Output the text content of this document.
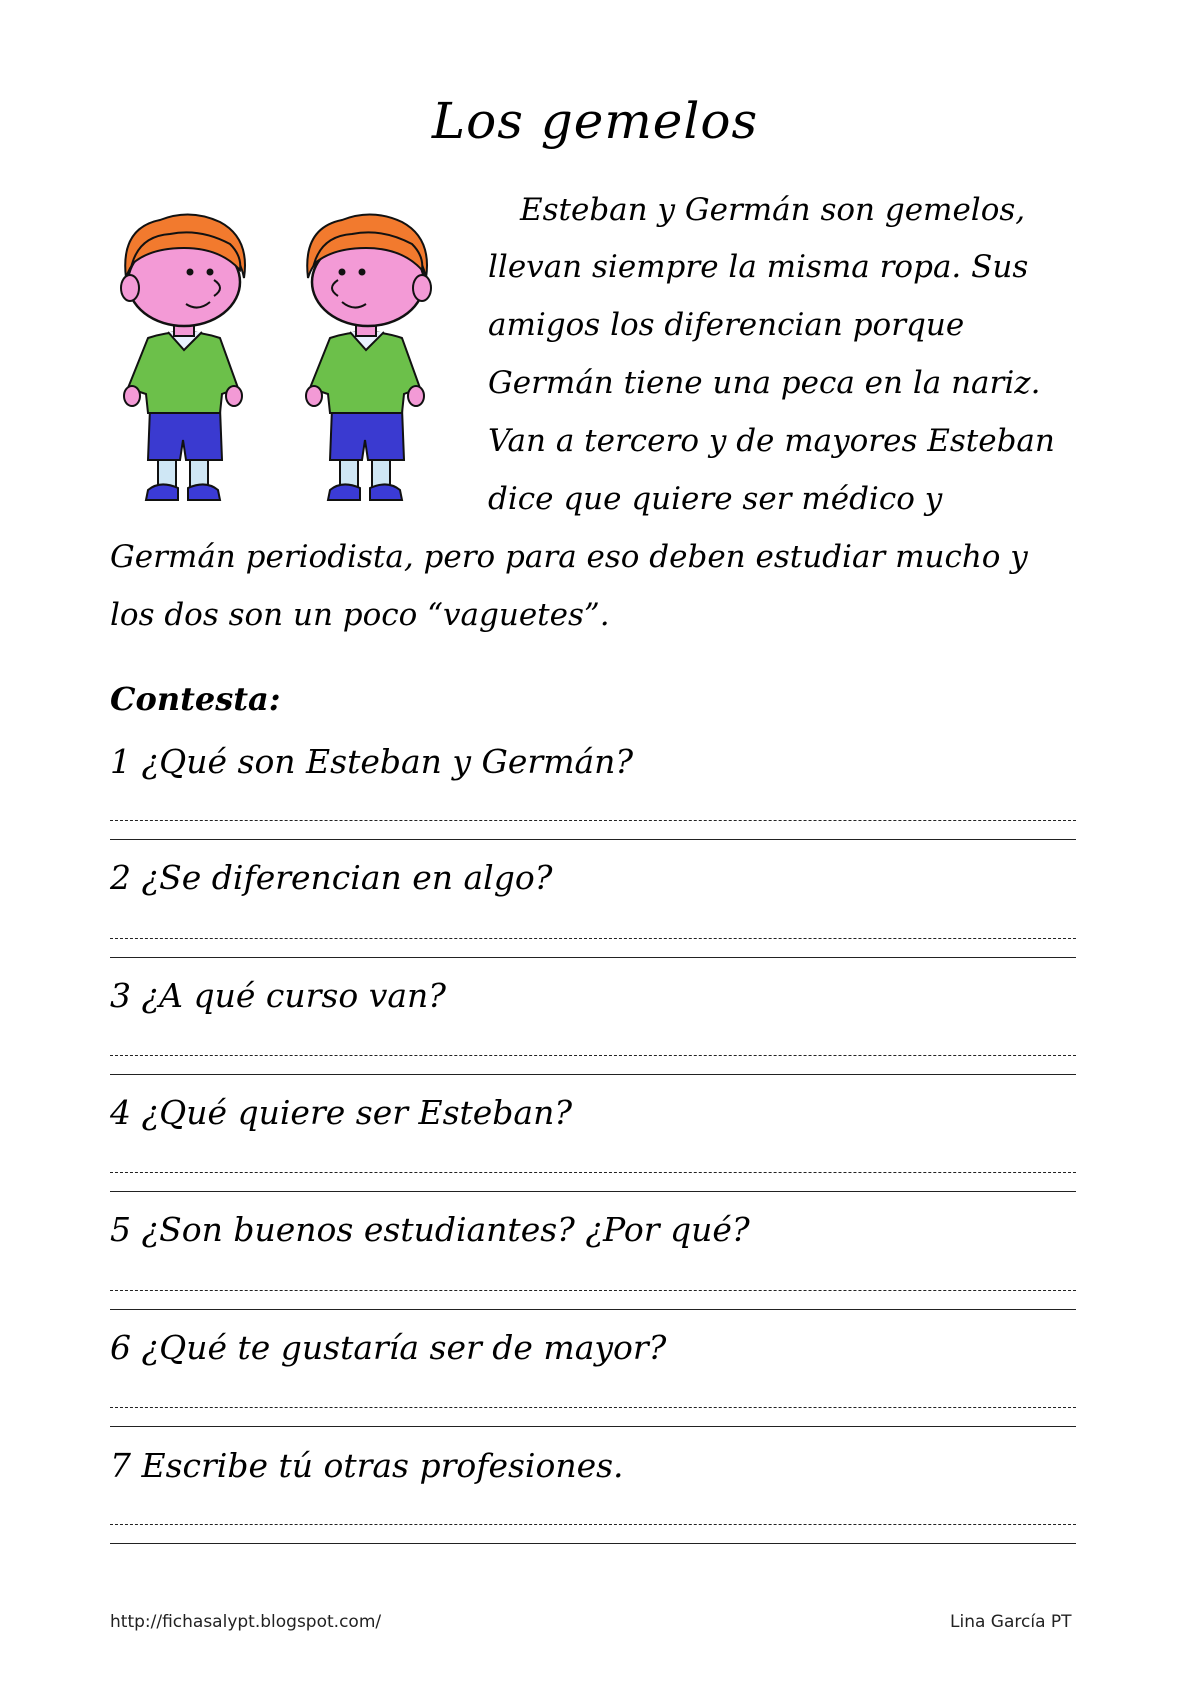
Los gemelos
Esteban y Germán son gemelos,
llevan siempre la misma ropa. Sus
amigos los diferencian porque
Germán tiene una peca en la nariz.
Van a tercero y de mayores Esteban
dice que quiere ser médico y
Germán periodista, pero para eso deben estudiar mucho y
los dos son un poco “vaguetes”.
Contesta:
1 ¿Qué son Esteban y Germán?
2 ¿Se diferencian en algo?
3 ¿A qué curso van?
4 ¿Qué quiere ser Esteban?
5 ¿Son buenos estudiantes? ¿Por qué?
6 ¿Qué te gustaría ser de mayor?
7 Escribe tú otras profesiones.
http://fichasalypt.blogspot.com/	Lina García PT
